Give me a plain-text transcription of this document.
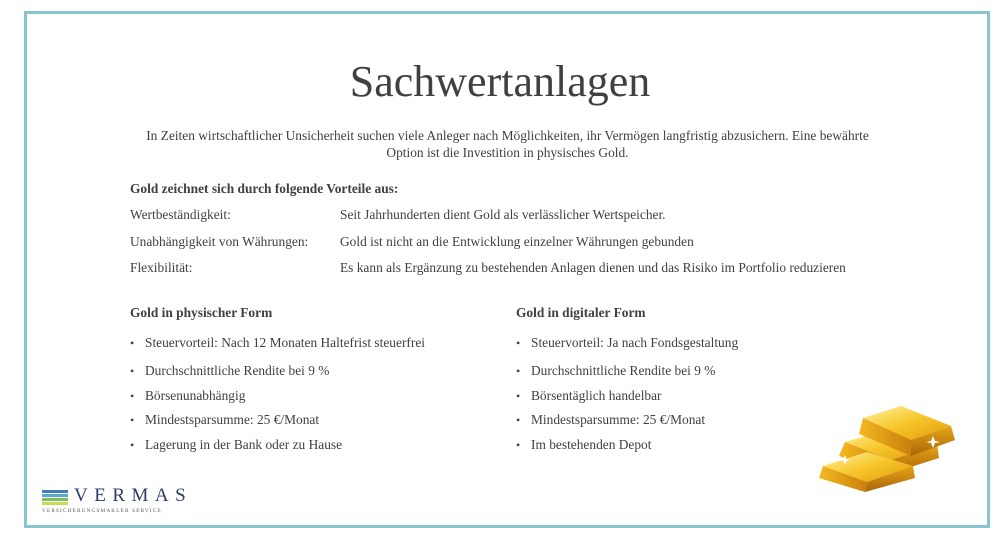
Sachwertanlagen
In Zeiten wirtschaftlicher Unsicherheit suchen viele Anleger nach Möglichkeiten, ihr Vermögen langfristig abzusichern. Eine bewährte
Option ist die Investition in physisches Gold.

Gold zeichnet sich durch folgende Vorteile aus:

Wertbeständigkeit:	Seit Jahrhunderten dient Gold als verlässlicher Wertspeicher.
Unabhängigkeit von Währungen: Gold ist nicht an die Entwicklung einzelner Währungen gebunden
Flexibilität:	Es kann als Ergänzung zu bestehenden Anlagen dienen und das Risiko im Portfolio reduzieren

Gold in physischer Form

• Steuervorteil: Nach 12 Monaten Haltefrist steuerfrei
• Durchschnittliche Rendite bei 9 %
• Börsenunabhängig
• Mindestsparsumme: 25 €/Monat
• Lagerung in der Bank oder zu Hause

Gold in digitaler Form

• Steuervorteil: Ja nach Fondsgestaltung
• Durchschnittliche Rendite bei 9 %
• Börsentäglich handelbar
• Mindestsparsumme: 25 €/Monat
• Im bestehenden Depot
VERMAS
VERSICHERUNGSMAKLER SERVICE
